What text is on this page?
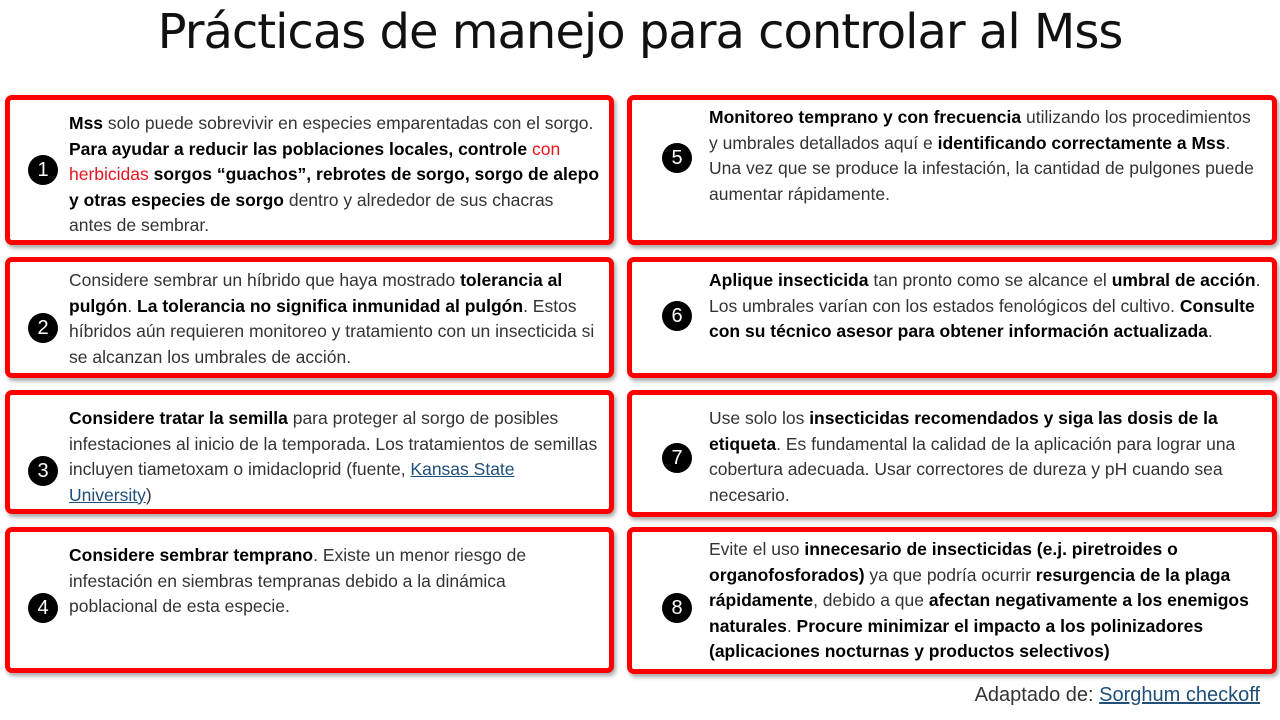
Prácticas de manejo para controlar al Mss
1
Mss solo puede sobrevivir en especies emparentadas con el sorgo. Para ayudar a reducir las poblaciones locales, controle con herbicidas sorgos “guachos”, rebrotes de sorgo, sorgo de alepo y otras especies de sorgo dentro y alrededor de sus chacras antes de sembrar.
2
Considere sembrar un híbrido que haya mostrado tolerancia al pulgón. La tolerancia no significa inmunidad al pulgón. Estos híbridos aún requieren monitoreo y tratamiento con un insecticida si se alcanzan los umbrales de acción.
3
Considere tratar la semilla para proteger al sorgo de posibles infestaciones al inicio de la temporada. Los tratamientos de semillas incluyen tiametoxam o imidacloprid (fuente, Kansas State University)
4
Considere sembrar temprano. Existe un menor riesgo de infestación en siembras tempranas debido a la dinámica poblacional de esta especie.
5
Monitoreo temprano y con frecuencia utilizando los procedimientos y umbrales detallados aquí e identificando correctamente a Mss. Una vez que se produce la infestación, la cantidad de pulgones puede aumentar rápidamente.
6
Aplique insecticida tan pronto como se alcance el umbral de acción. Los umbrales varían con los estados fenológicos del cultivo. Consulte con su técnico asesor para obtener información actualizada.
7
Use solo los insecticidas recomendados y siga las dosis de la etiqueta. Es fundamental la calidad de la aplicación para lograr una cobertura adecuada. Usar correctores de dureza y pH cuando sea necesario.
8
Evite el uso innecesario de insecticidas (e.j. piretroides o organofosforados) ya que podría ocurrir resurgencia de la plaga rápidamente, debido a que afectan negativamente a los enemigos naturales. Procure minimizar el impacto a los polinizadores (aplicaciones nocturnas y productos selectivos)
Adaptado de: Sorghum checkoff
